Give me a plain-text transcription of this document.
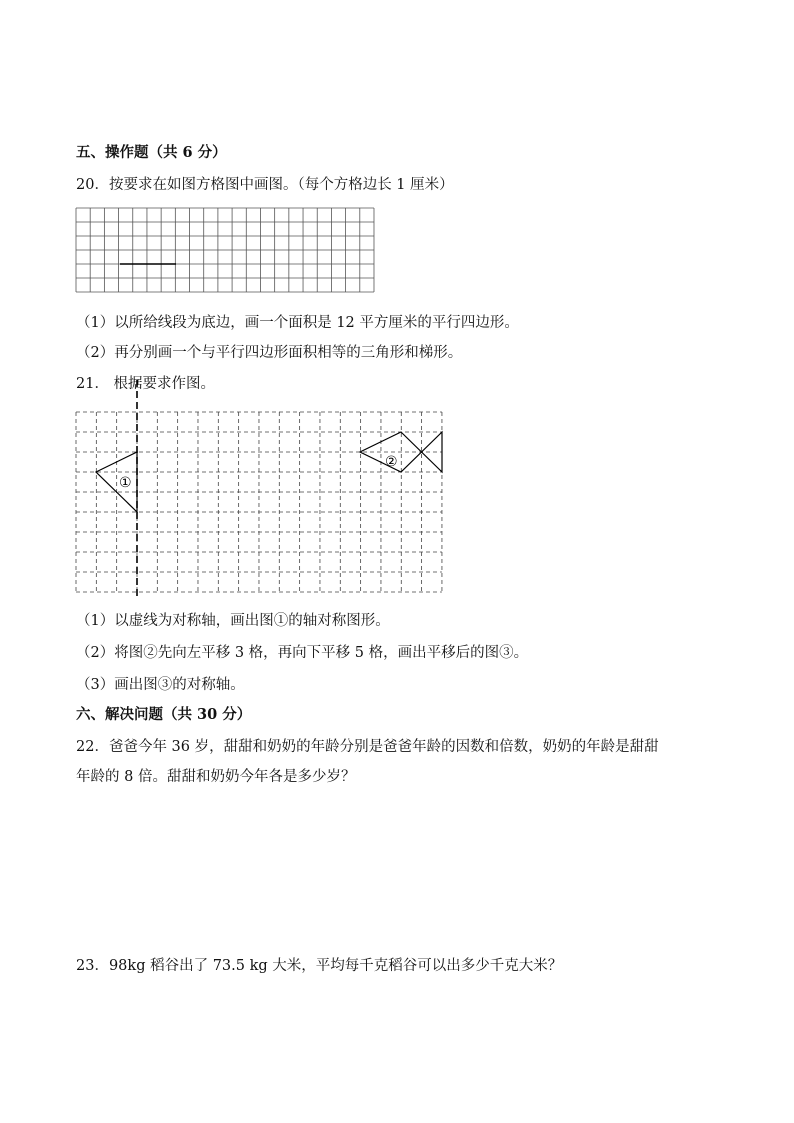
五、操作题（共 6 分）
20．按要求在如图方格图中画图。（每个方格边长 1 厘米）
（1）以所给线段为底边，画一个面积是 12 平方厘米的平行四边形。
（2）再分别画一个与平行四边形面积相等的三角形和梯形。
21． 根据要求作图。
①
②
（1）以虚线为对称轴，画出图①的轴对称图形。
（2）将图②先向左平移 3 格，再向下平移 5 格，画出平移后的图③。
（3）画出图③的对称轴。
六、解决问题（共 30 分）
22．爸爸今年 36 岁，甜甜和奶奶的年龄分别是爸爸年龄的因数和倍数，奶奶的年龄是甜甜
年龄的 8 倍。甜甜和奶奶今年各是多少岁？
23．98kg 稻谷出了 73.5 kg 大米，平均每千克稻谷可以出多少千克大米？
